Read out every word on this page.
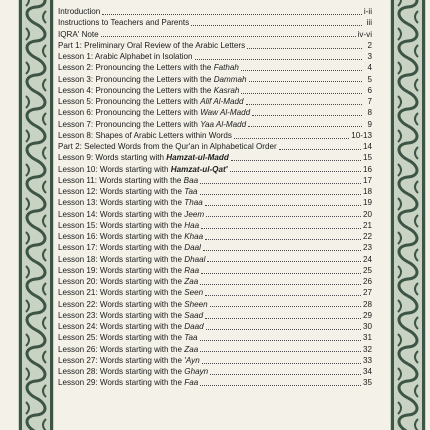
Introduction	i-ii
Instructions to Teachers and Parents	iii
IQRA' Note	iv-vi
Part 1: Preliminary Oral Review of the Arabic Letters	2
Lesson 1: Arabic Alphabet in Isolation	3
Lesson 2: Pronouncing the Letters with the Fathah	4
Lesson 3: Pronouncing the Letters with the Dammah	5
Lesson 4: Pronouncing the Letters with the Kasrah	6
Lesson 5: Pronouncing the Letters with Alif Al-Madd	7
Lesson 6: Pronouncing the Letters with Waw Al-Madd	8
Lesson 7: Pronouncing the Letters with Yaa Al-Madd	9
Lesson 8: Shapes of Arabic Letters within Words	10-13
Part 2: Selected Words from the Qur'an in Alphabetical Order	14
Lesson 9: Words starting with Hamzat-ul-Madd	15
Lesson 10: Words starting with Hamzat-ul-Qat'	16
Lesson 11: Words starting with the Baa	17
Lesson 12: Words starting with the Taa	18
Lesson 13: Words starting with the Thaa	19
Lesson 14: Words starting with the Jeem	20
Lesson 15: Words starting with the Haa	21
Lesson 16: Words starting with the Khaa	22
Lesson 17: Words starting with the Daal	23
Lesson 18: Words starting with the Dhaal	24
Lesson 19: Words starting with the Raa	25
Lesson 20: Words starting with the Zaa	26
Lesson 21: Words starting with the Seen	27
Lesson 22: Words starting with the Sheen	28
Lesson 23: Words starting with the Saad	29
Lesson 24: Words starting with the Daad	30
Lesson 25: Words starting with the Taa	31
Lesson 26: Words starting with the Zaa	32
Lesson 27: Words starting with the 'Ayn	33
Lesson 28: Words starting with the Ghayn	34
Lesson 29: Words starting with the Faa	35
